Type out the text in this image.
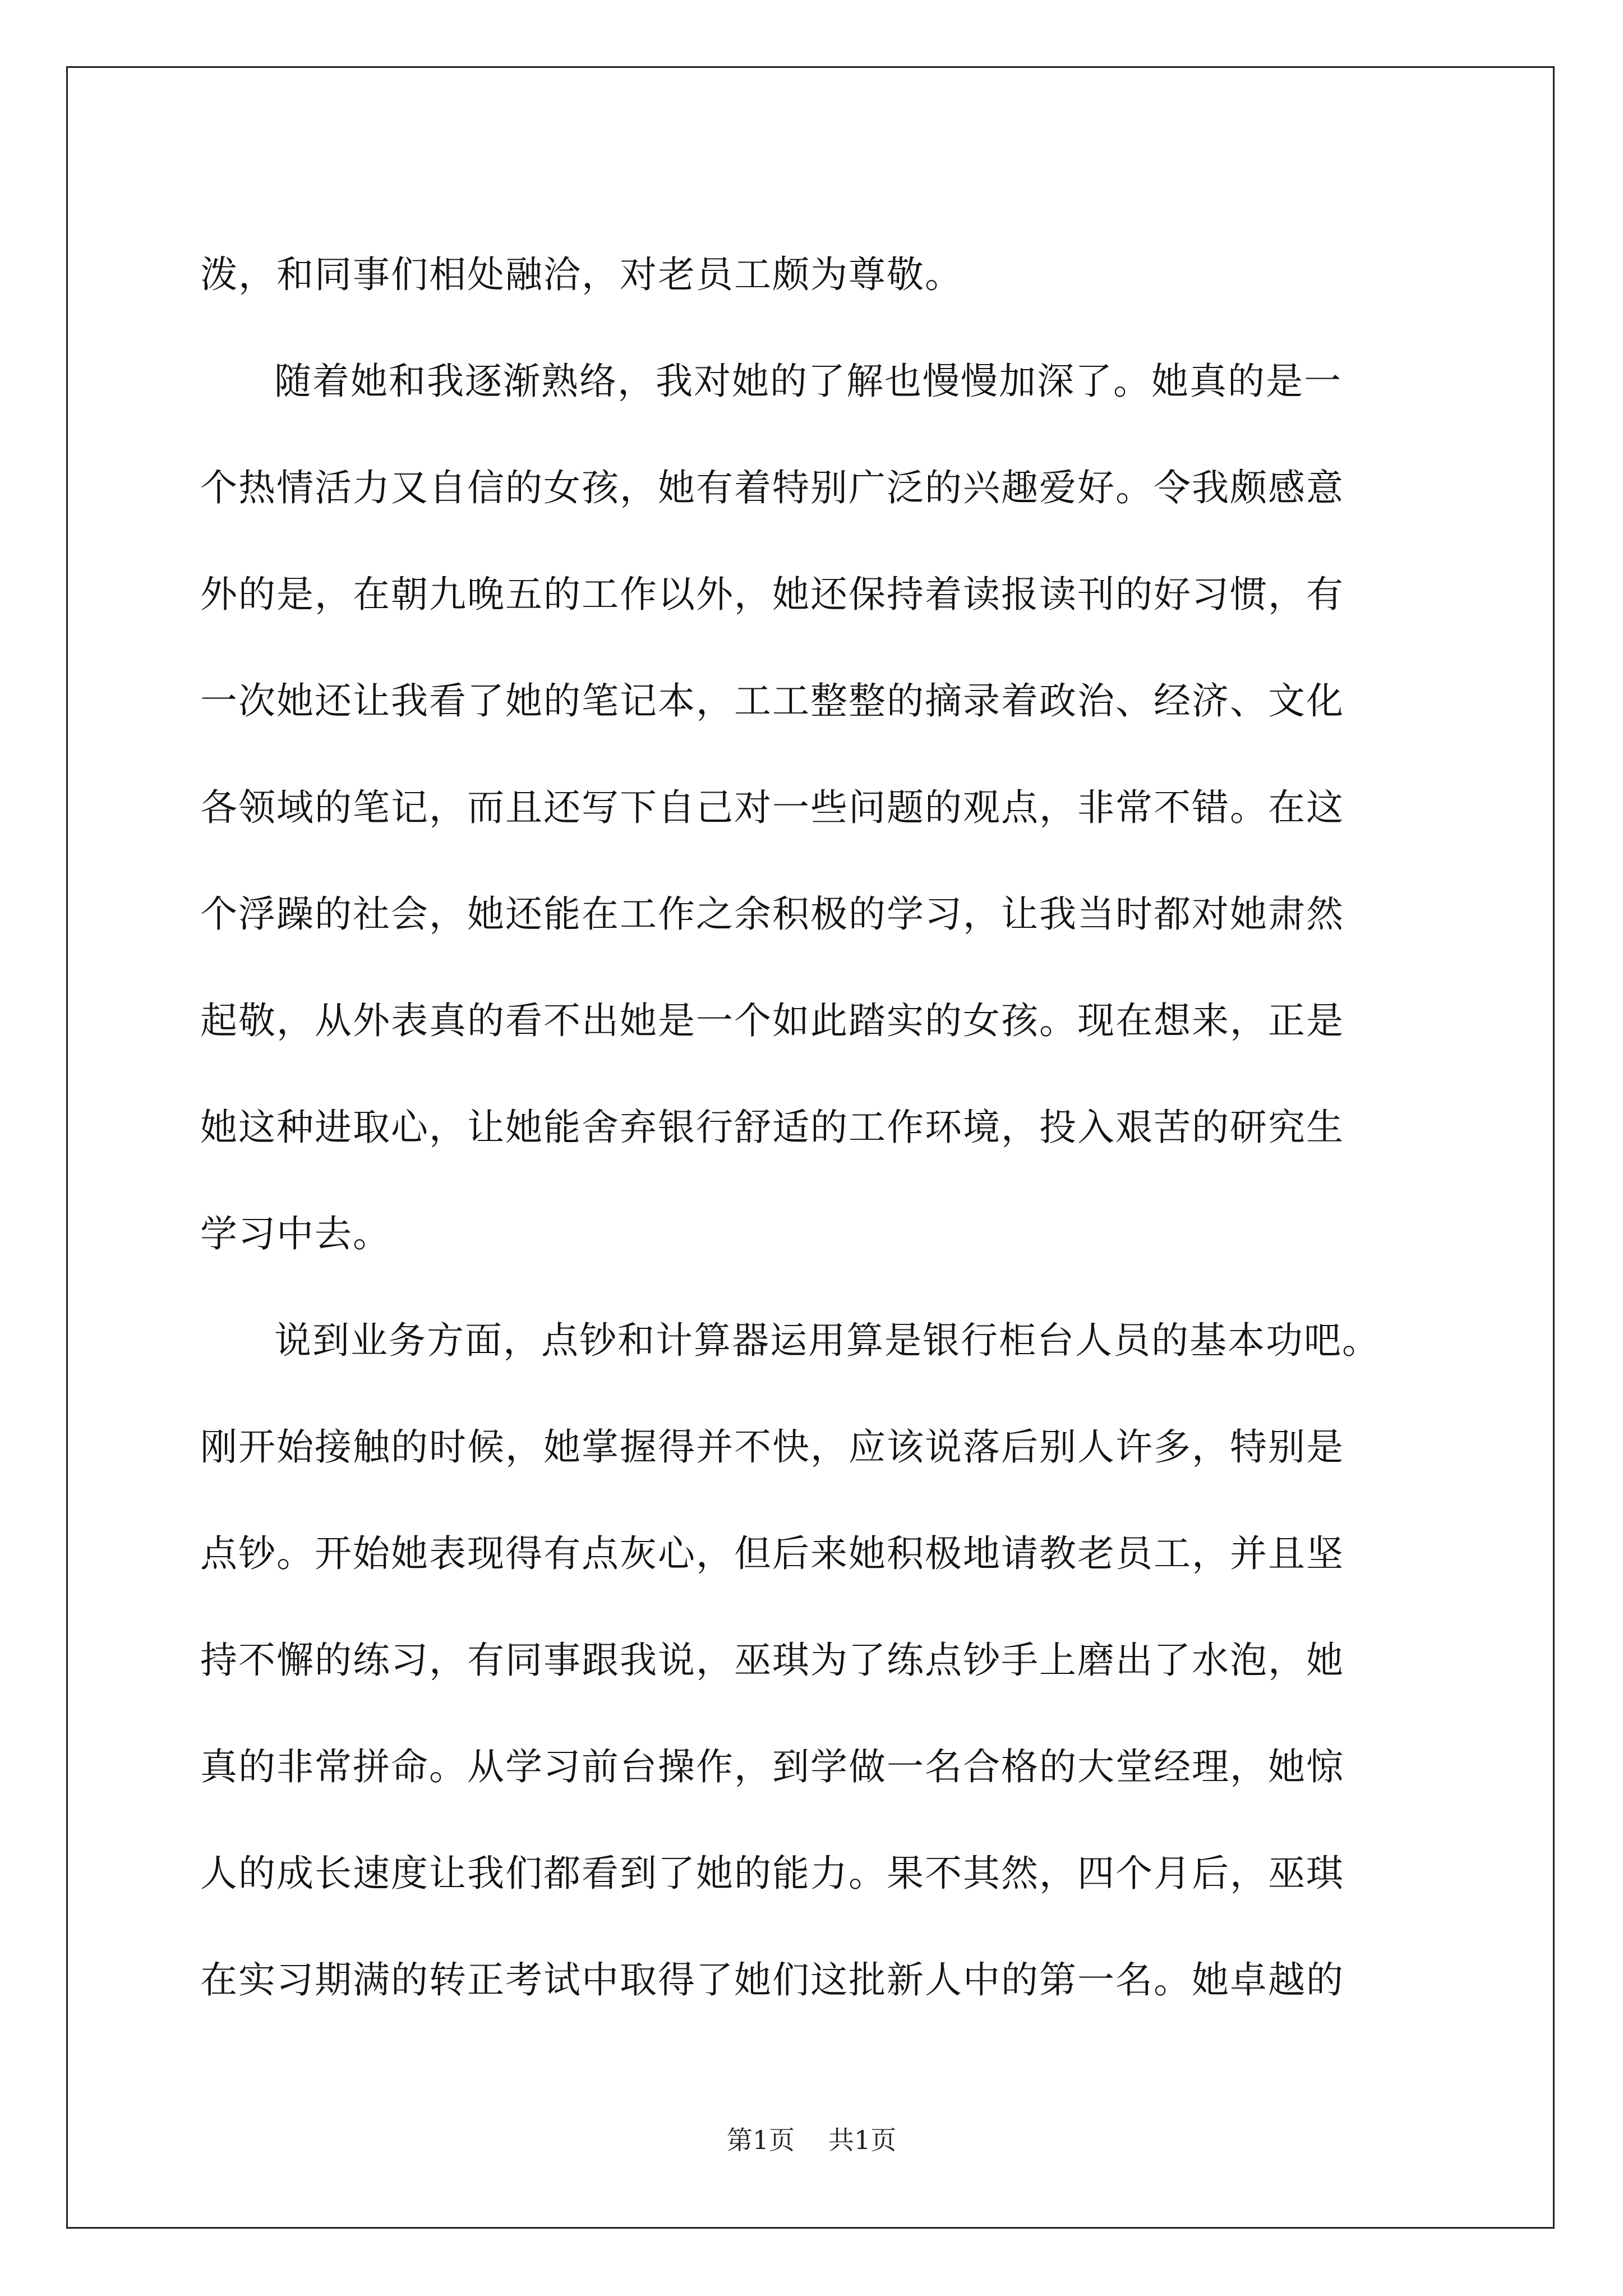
泼，和同事们相处融洽，对老员工颇为尊敬。
随着她和我逐渐熟络，我对她的了解也慢慢加深了。她真的是一
个热情活力又自信的女孩，她有着特别广泛的兴趣爱好。令我颇感意
外的是，在朝九晚五的工作以外，她还保持着读报读刊的好习惯，有
一次她还让我看了她的笔记本，工工整整的摘录着政治、经济、文化
各领域的笔记，而且还写下自己对一些问题的观点，非常不错。在这
个浮躁的社会，她还能在工作之余积极的学习，让我当时都对她肃然
起敬，从外表真的看不出她是一个如此踏实的女孩。现在想来，正是
她这种进取心，让她能舍弃银行舒适的工作环境，投入艰苦的研究生
学习中去。
说到业务方面，点钞和计算器运用算是银行柜台人员的基本功吧。
刚开始接触的时候，她掌握得并不快，应该说落后别人许多，特别是
点钞。开始她表现得有点灰心，但后来她积极地请教老员工，并且坚
持不懈的练习，有同事跟我说，巫琪为了练点钞手上磨出了水泡，她
真的非常拼命。从学习前台操作，到学做一名合格的大堂经理，她惊
人的成长速度让我们都看到了她的能力。果不其然，四个月后，巫琪
在实习期满的转正考试中取得了她们这批新人中的第一名。她卓越的
第1页 共1页
